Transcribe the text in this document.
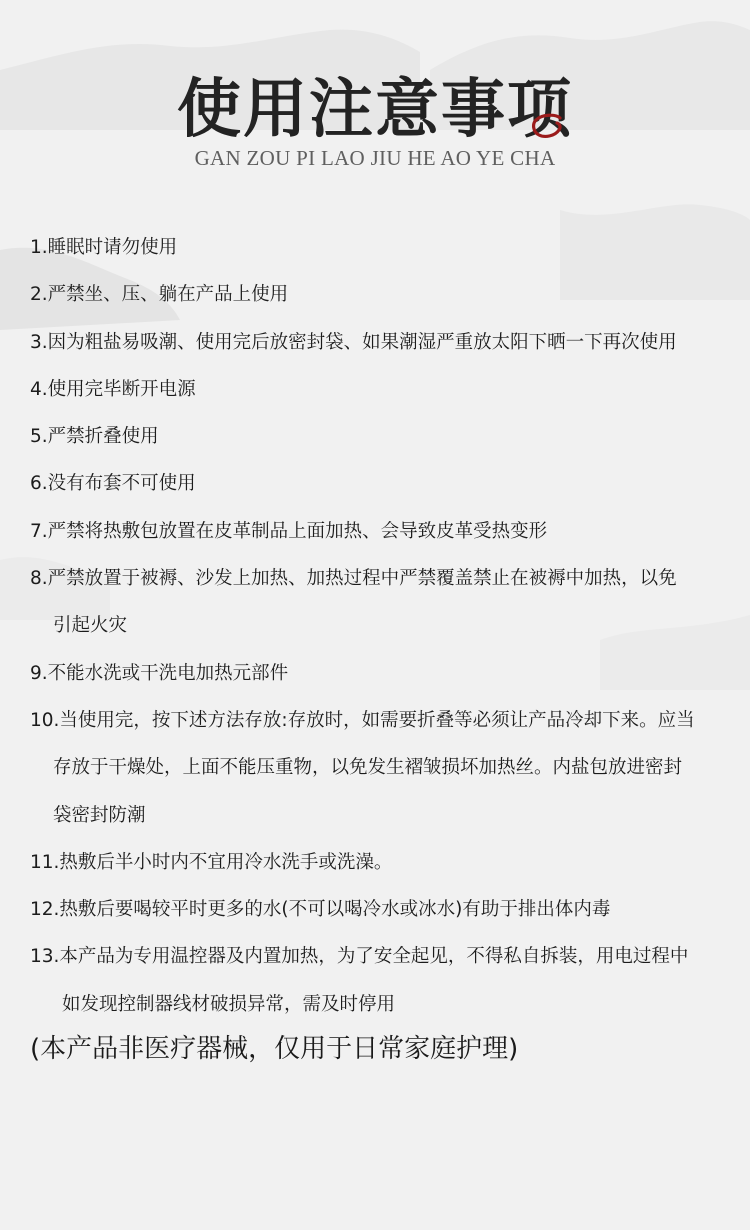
使用注意事项
GAN ZOU PI LAO JIU HE AO YE CHA
1.睡眠时请勿使用
2.严禁坐、压、躺在产品上使用
3.因为粗盐易吸潮、使用完后放密封袋、如果潮湿严重放太阳下晒一下再次使用
4.使用完毕断开电源
5.严禁折叠使用
6.没有布套不可使用
7.严禁将热敷包放置在皮革制品上面加热、会导致皮革受热变形
8.严禁放置于被褥、沙发上加热、加热过程中严禁覆盖禁止在被褥中加热，以免
引起火灾
9.不能水洗或干洗电加热元部件
10.当使用完，按下述方法存放:存放时，如需要折叠等必须让产品冷却下来。应当
存放于干燥处，上面不能压重物，以免发生褶皱损坏加热丝。内盐包放进密封
袋密封防潮
11.热敷后半小时内不宜用冷水洗手或洗澡。
12.热敷后要喝较平时更多的水(不可以喝冷水或冰水)有助于排出体内毒
13.本产品为专用温控器及内置加热，为了安全起见，不得私自拆装，用电过程中
如发现控制器线材破损异常，需及时停用
(本产品非医疗器械，仅用于日常家庭护理)
